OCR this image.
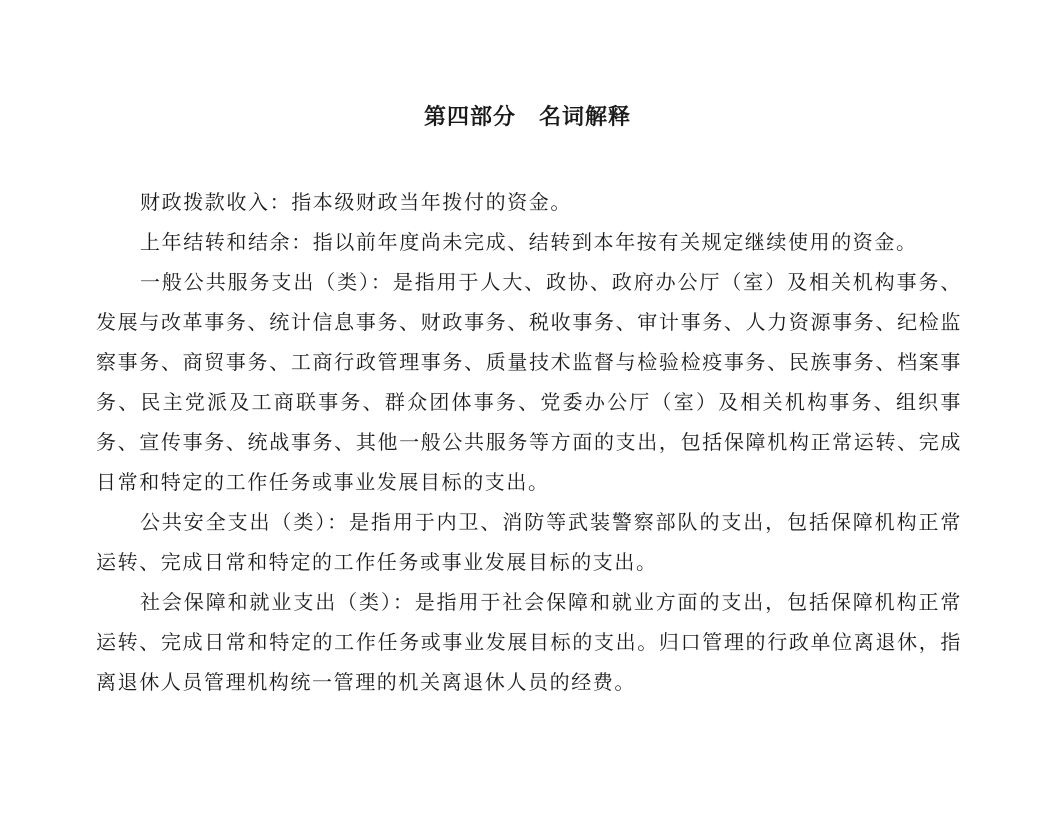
第四部分　名词解释

财政拨款收入：指本级财政当年拨付的资金。

上年结转和结余：指以前年度尚未完成、结转到本年按有关规定继续使用的资金。

一般公共服务支出（类）：是指用于人大、政协、政府办公厅（室）及相关机构事务、发展与改革事务、统计信息事务、财政事务、税收事务、审计事务、人力资源事务、纪检监察事务、商贸事务、工商行政管理事务、质量技术监督与检验检疫事务、民族事务、档案事务、民主党派及工商联事务、群众团体事务、党委办公厅（室）及相关机构事务、组织事务、宣传事务、统战事务、其他一般公共服务等方面的支出，包括保障机构正常运转、完成日常和特定的工作任务或事业发展目标的支出。

公共安全支出（类）：是指用于内卫、消防等武装警察部队的支出，包括保障机构正常运转、完成日常和特定的工作任务或事业发展目标的支出。

社会保障和就业支出（类）：是指用于社会保障和就业方面的支出，包括保障机构正常运转、完成日常和特定的工作任务或事业发展目标的支出。归口管理的行政单位离退休，指离退休人员管理机构统一管理的机关离退休人员的经费。
